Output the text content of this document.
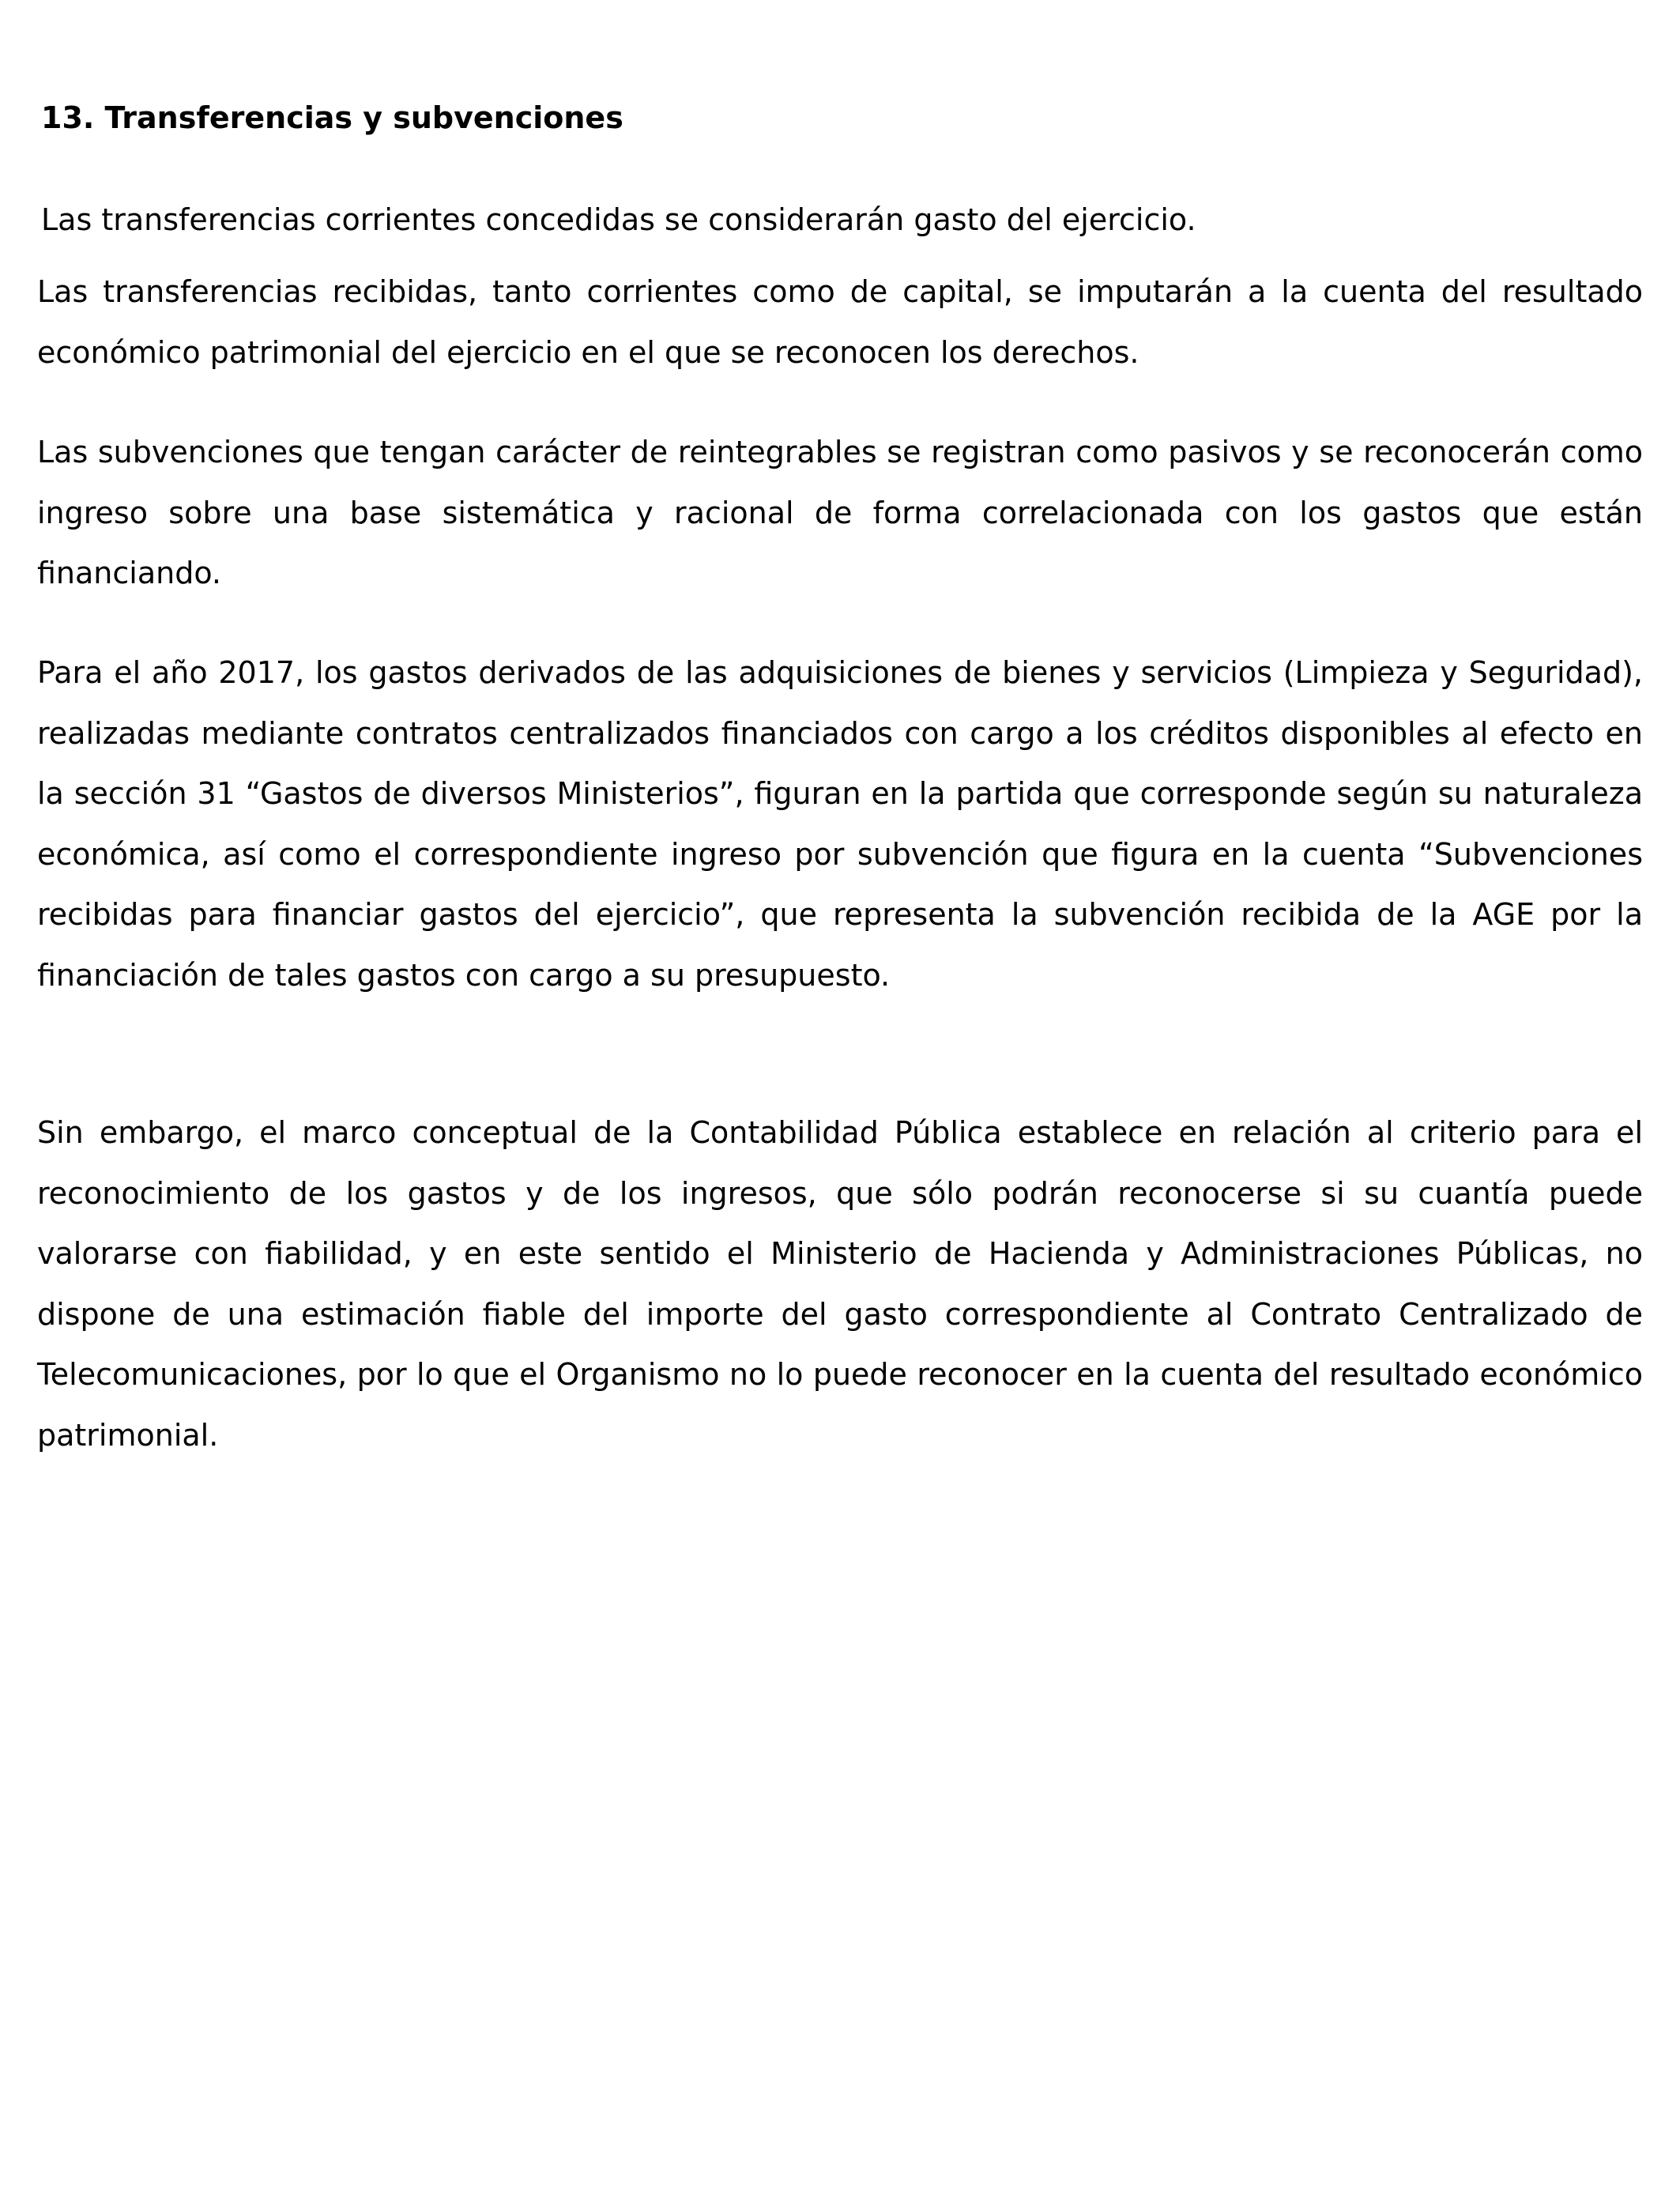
13. Transferencias y subvenciones

Las transferencias corrientes concedidas se considerarán gasto del ejercicio.

Las transferencias recibidas, tanto corrientes como de capital, se imputarán a la cuenta del resultado económico patrimonial del ejercicio en el que se reconocen los derechos.

Las subvenciones que tengan carácter de reintegrables se registran como pasivos y se reconocerán como ingreso sobre una base sistemática y racional de forma correlacionada con los gastos que están financiando.

Para el año 2017, los gastos derivados de las adquisiciones de bienes y servicios (Limpieza y Seguridad), realizadas mediante contratos centralizados financiados con cargo a los créditos disponibles al efecto en la sección 31 “Gastos de diversos Ministerios”, figuran en la partida que corresponde según su naturaleza económica, así como el correspondiente ingreso por subvención que figura en la cuenta “Subvenciones recibidas para financiar gastos del ejercicio”, que representa la subvención recibida de la AGE por la financiación de tales gastos con cargo a su presupuesto.

Sin embargo, el marco conceptual de la Contabilidad Pública establece en relación al criterio para el reconocimiento de los gastos y de los ingresos, que sólo podrán reconocerse si su cuantía puede valorarse con fiabilidad, y en este sentido el Ministerio de Hacienda y Administraciones Públicas, no dispone de una estimación fiable del importe del gasto correspondiente al Contrato Centralizado de Telecomunicaciones, por lo que el Organismo no lo puede reconocer en la cuenta del resultado económico patrimonial.
